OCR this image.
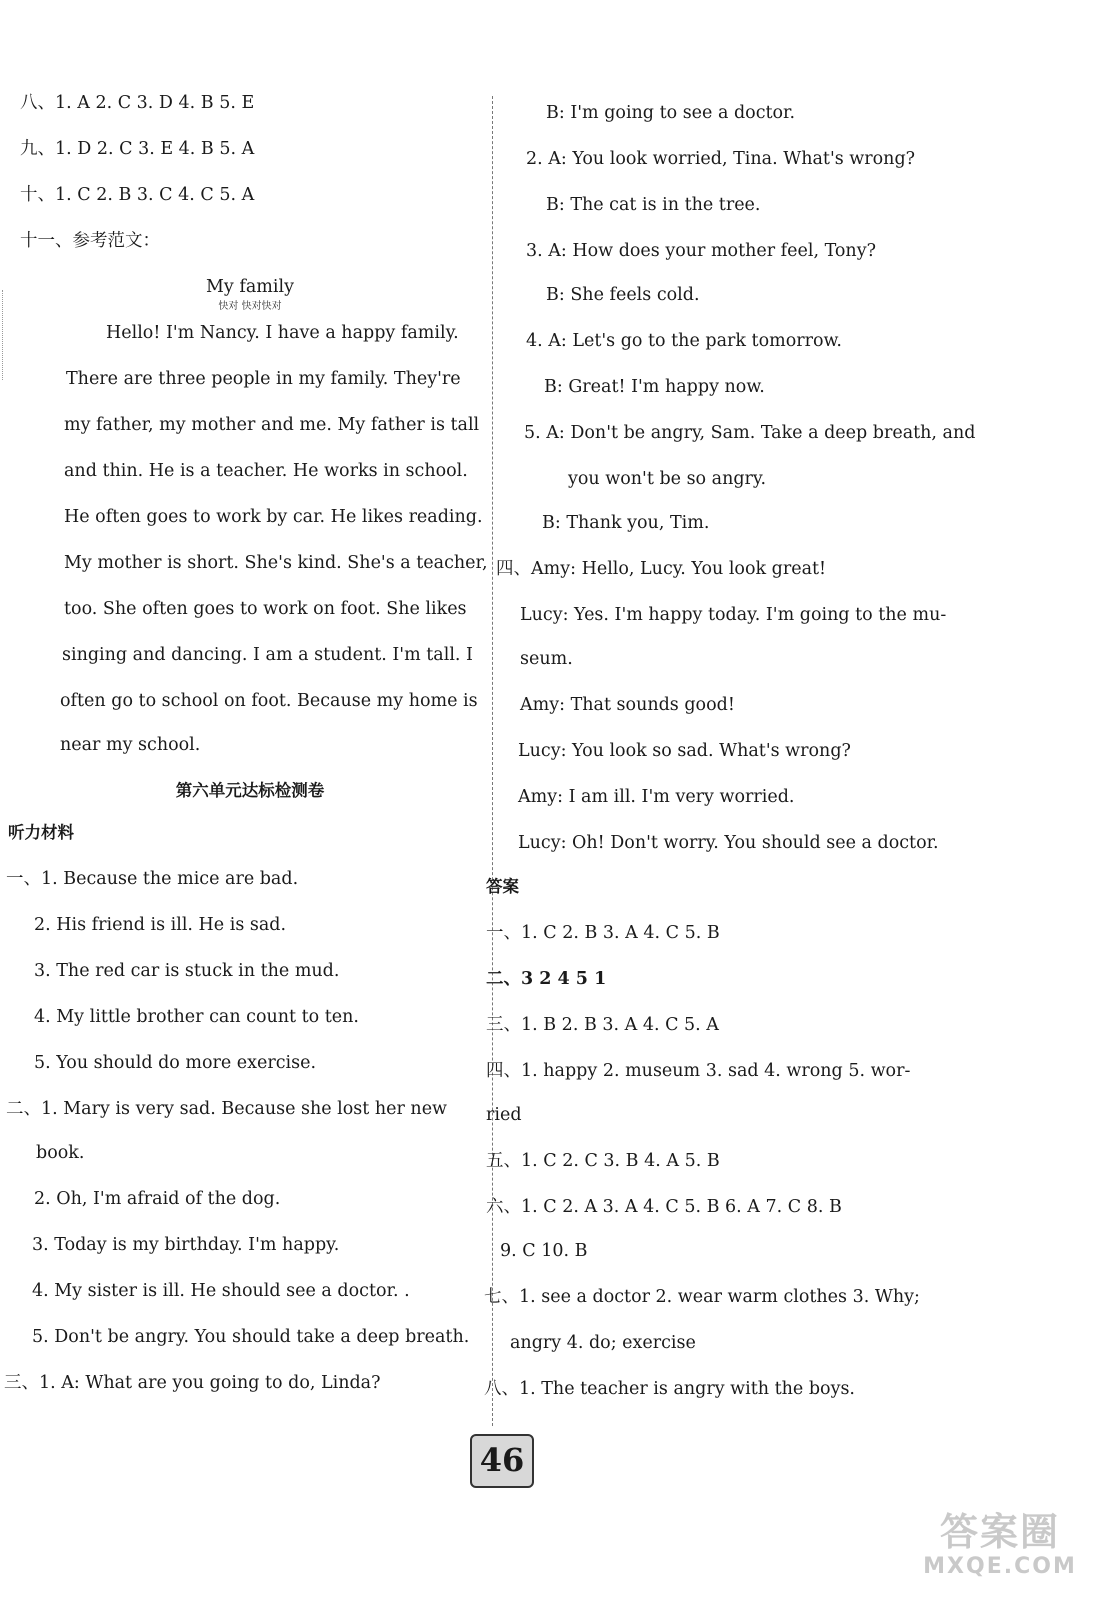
八、1. A 2. C 3. D 4. B 5. E
九、1. D 2. C 3. E 4. B 5. A
十、1. C 2. B 3. C 4. C 5. A
十一、参考范文：
My family
Hello! I'm Nancy. I have a happy family.
There are three people in my family. They're
my father, my mother and me. My father is tall
and thin. He is a teacher. He works in school.
He often goes to work by car. He likes reading.
My mother is short. She's kind. She's a teacher,
too. She often goes to work on foot. She likes
singing and dancing. I am a student. I'm tall. I
often go to school on foot. Because my home is
near my school.
第六单元达标检测卷
听力材料
一、1. Because the mice are bad.
2. His friend is ill. He is sad.
3. The red car is stuck in the mud.
4. My little brother can count to ten.
5. You should do more exercise.
二、1. Mary is very sad. Because she lost her new
book.
2. Oh, I'm afraid of the dog.
3. Today is my birthday. I'm happy.
4. My sister is ill. He should see a doctor. .
5. Don't be angry. You should take a deep breath.
三、1. A: What are you going to do, Linda?
快对 快对快对
B: I'm going to see a doctor.
2. A: You look worried, Tina. What's wrong?
B: The cat is in the tree.
3. A: How does your mother feel, Tony?
B: She feels cold.
4. A: Let's go to the park tomorrow.
B: Great! I'm happy now.
5. A: Don't be angry, Sam. Take a deep breath, and
you won't be so angry.
B: Thank you, Tim.
四、Amy: Hello, Lucy. You look great!
Lucy: Yes. I'm happy today. I'm going to the mu-
seum.
Amy: That sounds good!
Lucy: You look so sad. What's wrong?
Amy: I am ill. I'm very worried.
Lucy: Oh! Don't worry. You should see a doctor.
答案
一、1. C 2. B 3. A 4. C 5. B
二、3 2 4 5 1
三、1. B 2. B 3. A 4. C 5. A
四、1. happy 2. museum 3. sad 4. wrong 5. wor-
ried
五、1. C 2. C 3. B 4. A 5. B
六、1. C 2. A 3. A 4. C 5. B 6. A 7. C 8. B
9. C 10. B
七、1. see a doctor 2. wear warm clothes 3. Why;
angry 4. do; exercise
八、1. The teacher is angry with the boys.
46
答案圈
MXQE.COM
